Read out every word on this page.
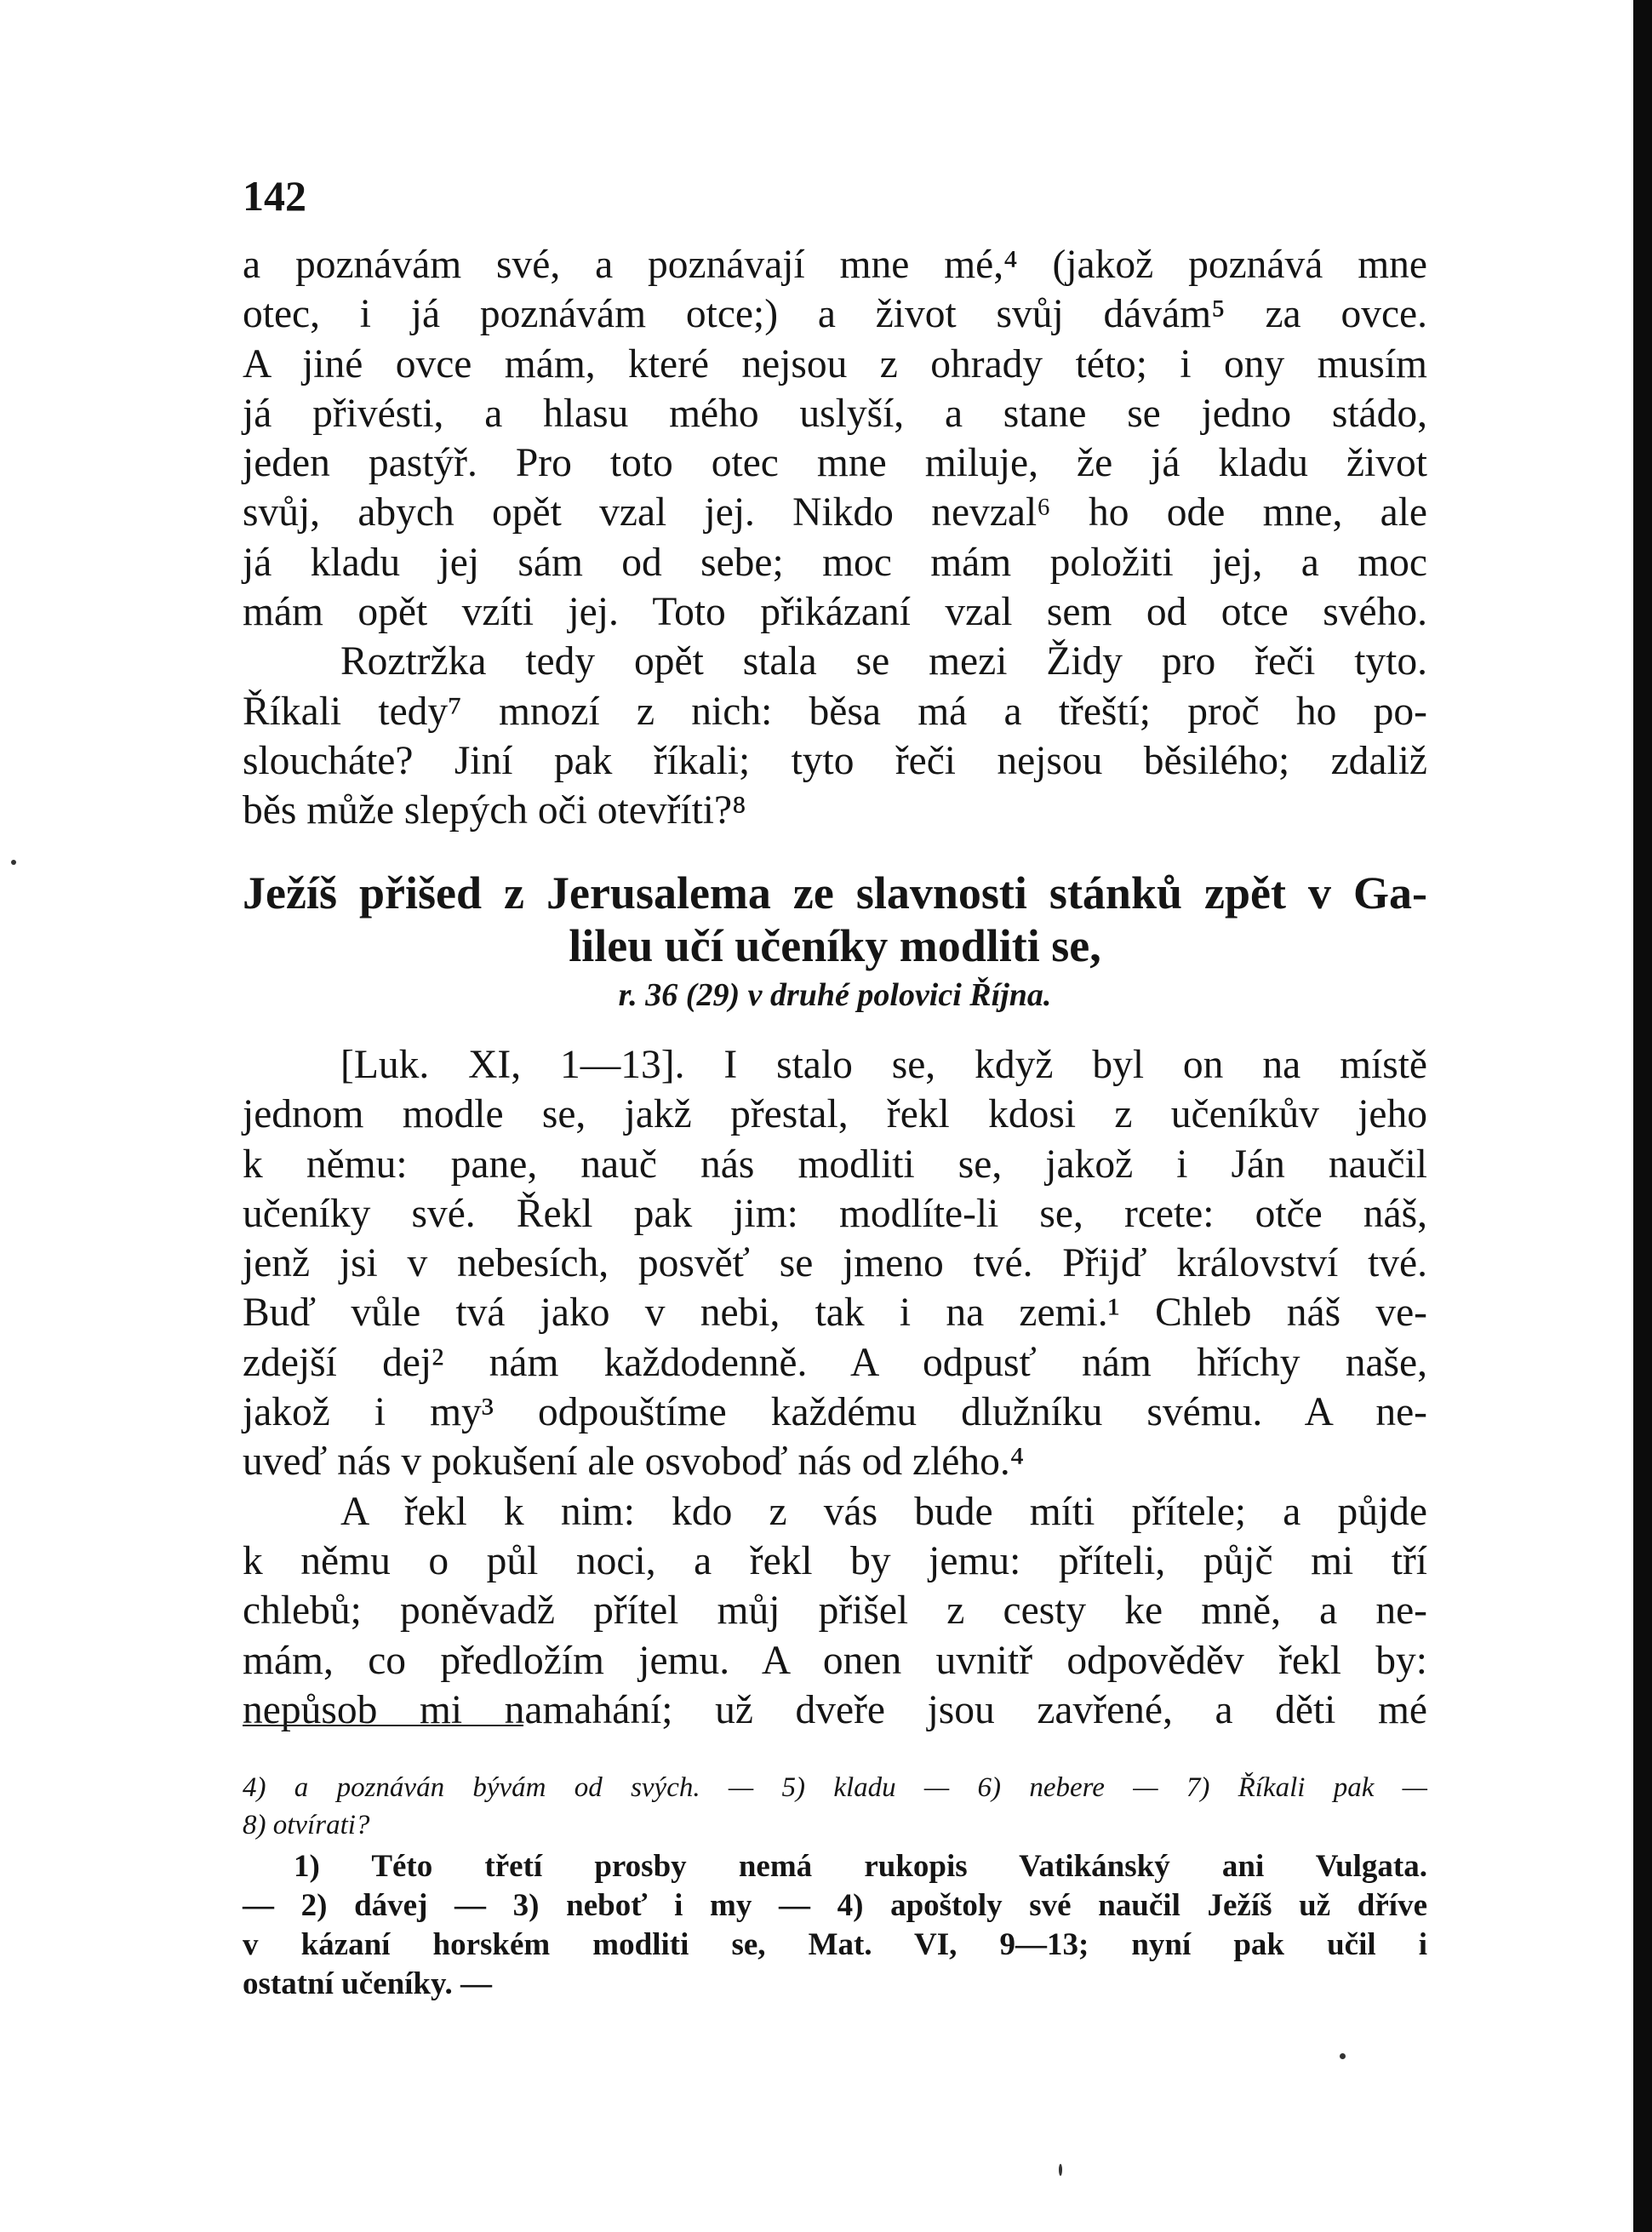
142
a poznávám své, a poznávají mne mé,⁴ (jakož poznává mne
otec, i já poznávám otce;) a život svůj dávám⁵ za ovce.
A jiné ovce mám, které nejsou z ohrady této; i ony musím
já přivésti, a hlasu mého uslyší, a stane se jedno stádo,
jeden pastýř. Pro toto otec mne miluje, že já kladu život
svůj, abych opět vzal jej. Nikdo nevzal⁶ ho ode mne, ale
já kladu jej sám od sebe; moc mám položiti jej, a moc
mám opět vzíti jej. Toto přikázaní vzal sem od otce svého.
Roztržka tedy opět stala se mezi Židy pro řeči tyto.
Říkali tedy⁷ mnozí z nich: běsa má a třeští; proč ho po-
sloucháte? Jiní pak říkali; tyto řeči nejsou běsilého; zdaliž
běs může slepých oči otevříti?⁸
Ježíš přišed z Jerusalema ze slavnosti stánků zpět v Ga-
lileu učí učeníky modliti se,
r. 36 (29) v druhé polovici Října.
[Luk. XI, 1—13]. I stalo se, když byl on na místě
jednom modle se, jakž přestal, řekl kdosi z učeníkův jeho
k němu: pane, nauč nás modliti se, jakož i Ján naučil
učeníky své. Řekl pak jim: modlíte-li se, rcete: otče náš,
jenž jsi v nebesích, posvěť se jmeno tvé. Přijď království tvé.
Buď vůle tvá jako v nebi, tak i na zemi.¹ Chleb náš ve-
zdejší dej² nám každodenně. A odpusť nám hříchy naše,
jakož i my³ odpouštíme každému dlužníku svému. A ne-
uveď nás v pokušení ale osvoboď nás od zlého.⁴
A řekl k nim: kdo z vás bude míti přítele; a půjde
k němu o půl noci, a řekl by jemu: příteli, půjč mi tří
chlebů; poněvadž přítel můj přišel z cesty ke mně, a ne-
mám, co předložím jemu. A onen uvnitř odpověděv řekl by:
nepůsob mi namahání; už dveře jsou zavřené, a děti mé
4) a poznáván bývám od svých. — 5) kladu — 6) nebere — 7) Říkali pak —
8) otvírati?
1) Této třetí prosby nemá rukopis Vatikánský ani Vulgata.
— 2) dávej — 3) neboť i my — 4) apoštoly své naučil Ježíš už dříve
v kázaní horském modliti se, Mat. VI, 9—13; nyní pak učil i
ostatní učeníky. —
